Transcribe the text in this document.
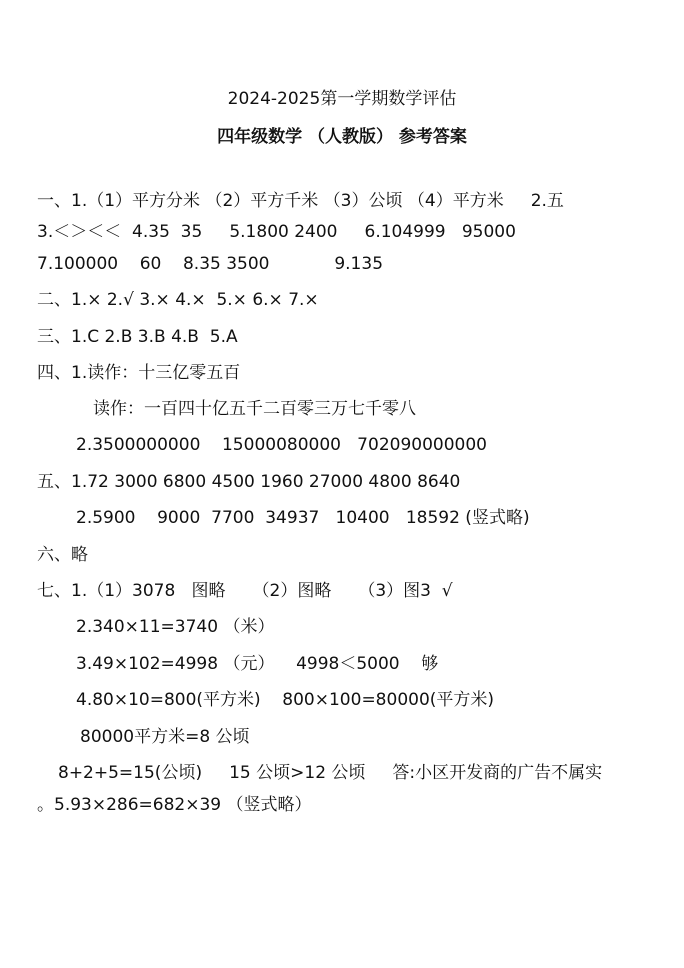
2024-2025第一学期数学评估
四年级数学 （人教版） 参考答案
一、1.（1）平方分米 （2）平方千米 （3）公顷 （4）平方米     2.五
3.＜＞＜＜  4.35  35     5.1800 2400     6.104999   95000
7.100000    60    8.35 3500            9.135
二、1.× 2.√ 3.× 4.×  5.× 6.× 7.×
三、1.C 2.B 3.B 4.B  5.A
四、1.读作：十三亿零五百
读作：一百四十亿五千二百零三万七千零八
2.3500000000    15000080000   702090000000
五、1.72 3000 6800 4500 1960 27000 4800 8640
2.5900    9000  7700  34937   10400   18592 (竖式略)
六、略
七、1.（1）3078   图略     （2）图略     （3）图3  √
2.340×11=3740 （米）
3.49×102=4998 （元）    4998＜5000    够
4.80×10=800(平方米)    800×100=80000(平方米)
80000平方米=8 公顷
8+2+5=15(公顷)     15 公顷>12 公顷     答:小区开发商的广告不属实
。5.93×286=682×39 （竖式略）
